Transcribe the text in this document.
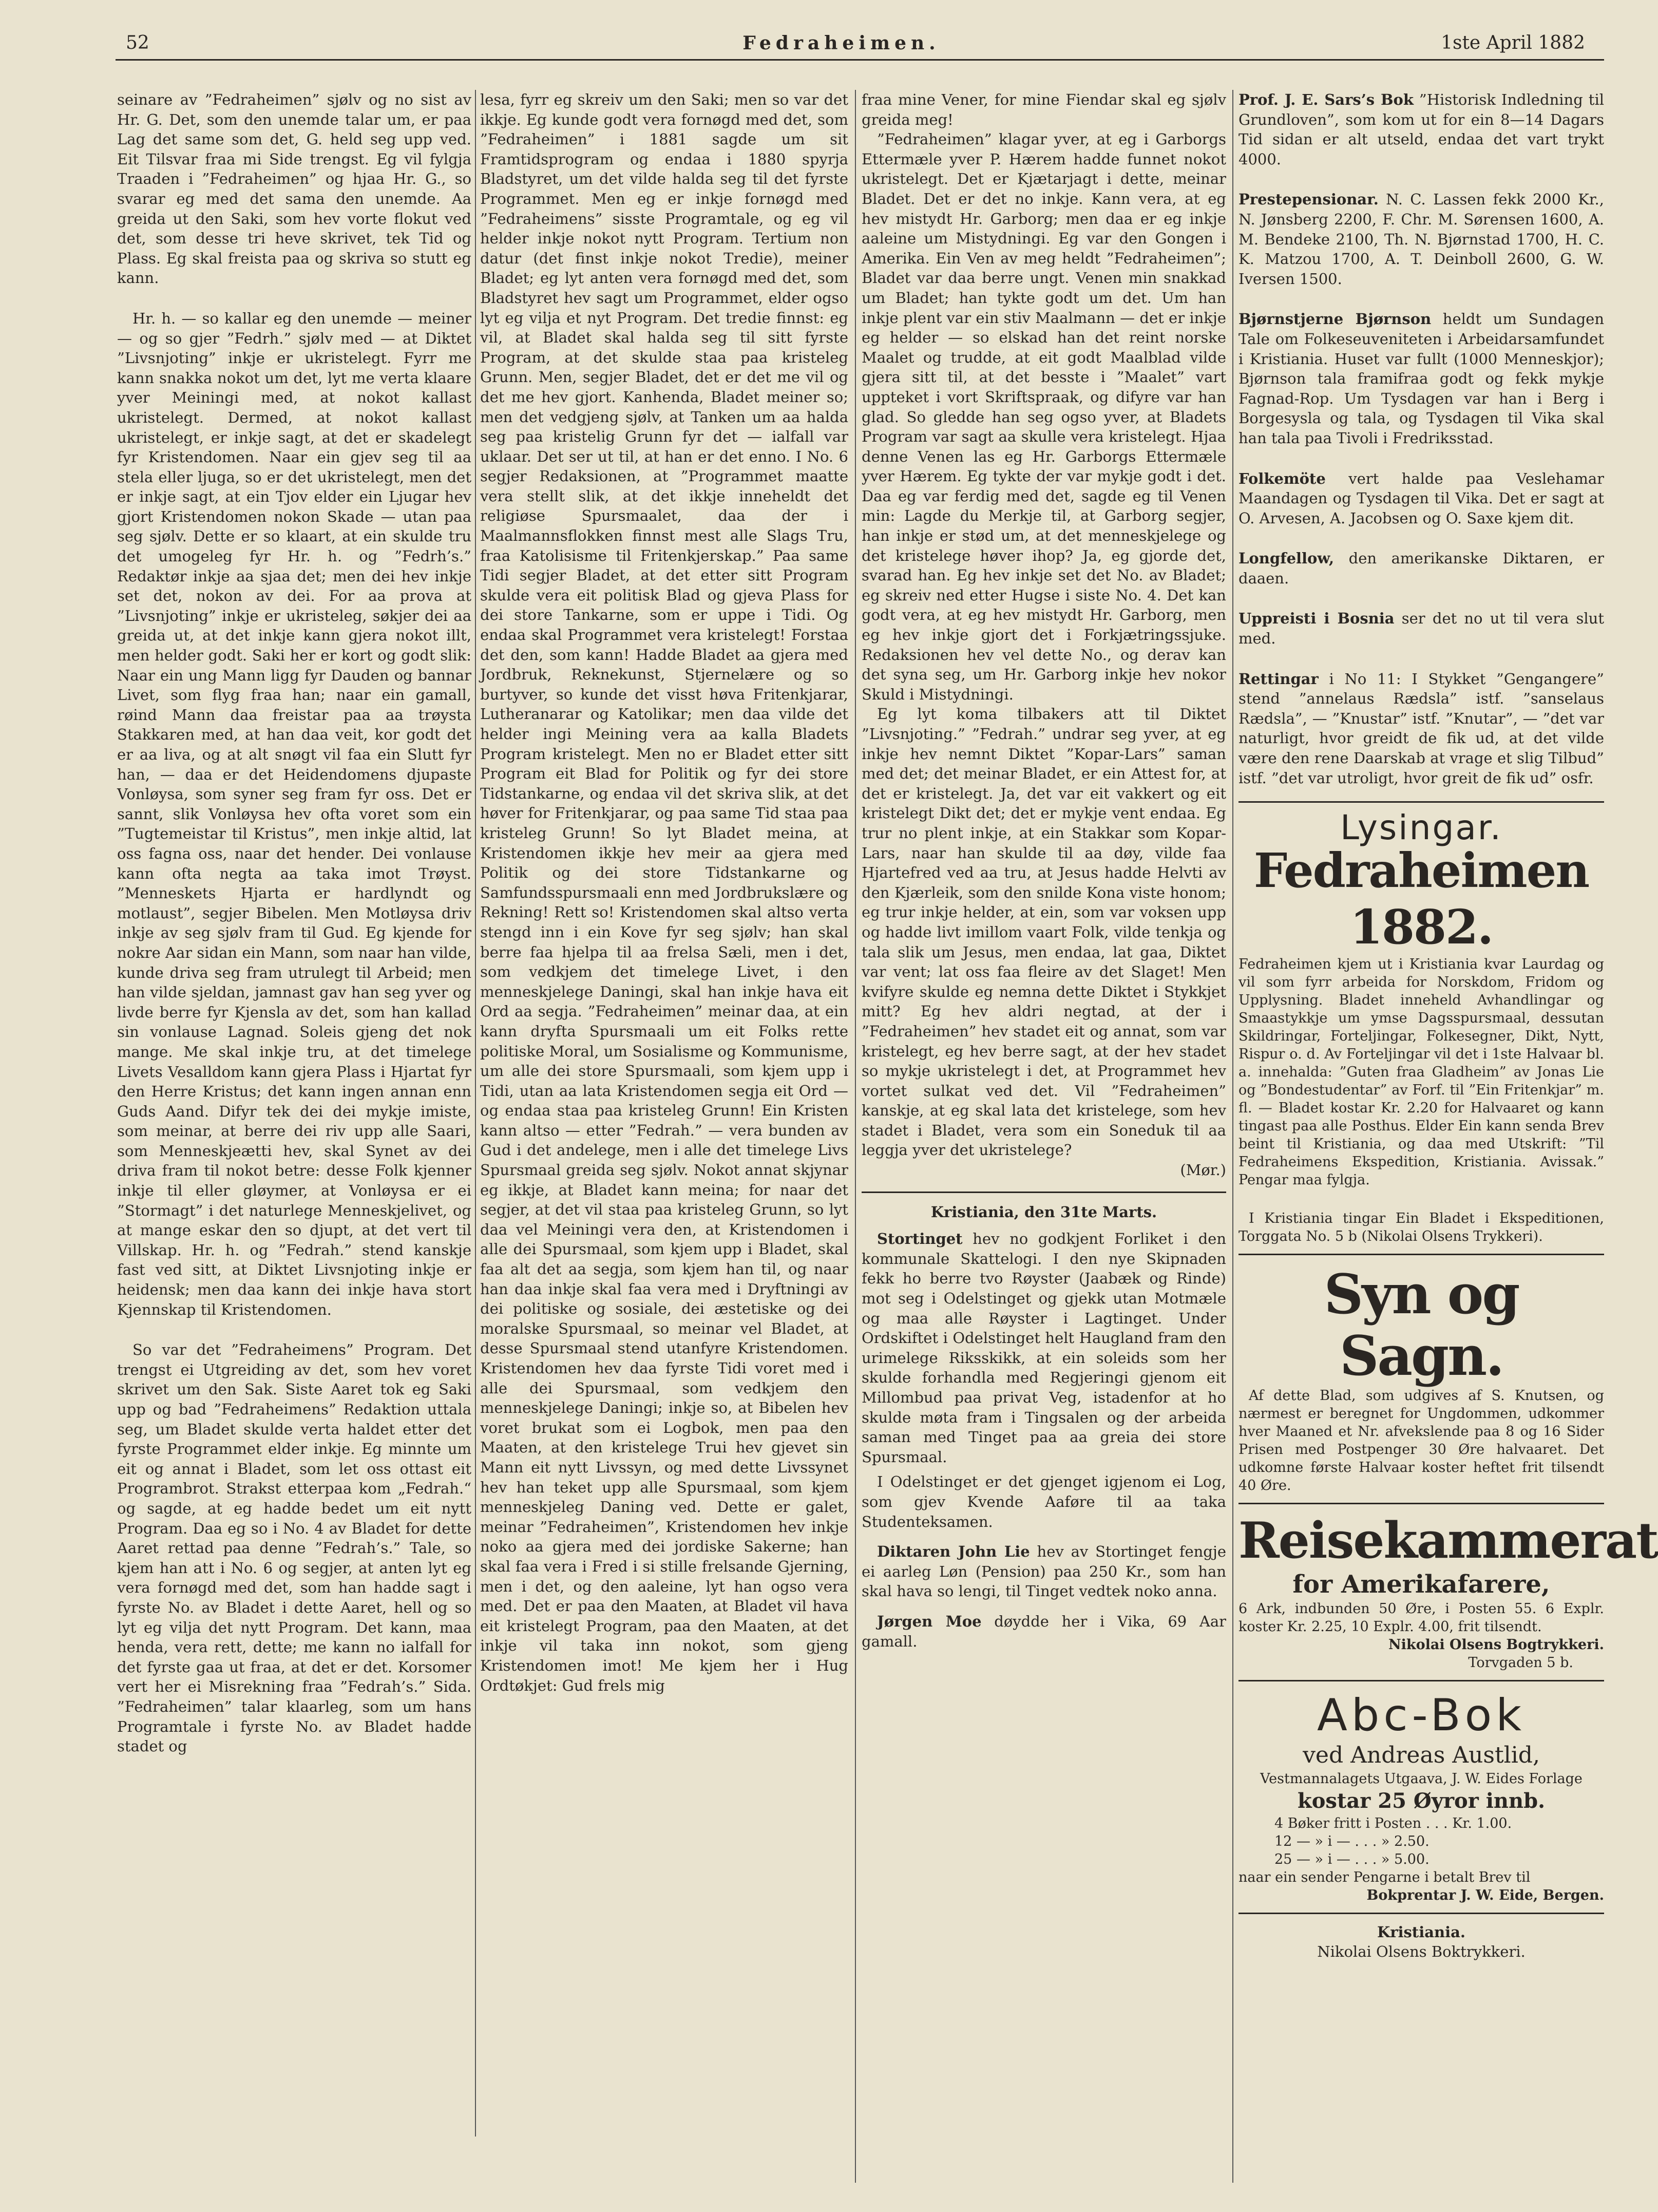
52	Fedraheimen.	1ste April 1882

seinare av ”Fedraheimen” sjølv og no sist av Hr. G. Det, som den unemde talar um, er paa Lag det same som det, G. held seg upp ved. Eit Tilsvar fraa mi Side trengst. Eg vil fylgja Traaden i ”Fedraheimen” og hjaa Hr. G., so svarar eg med det sama den unemde. Aa greida ut den Saki, som hev vorte flokut ved det, som desse tri heve skrivet, tek Tid og Plass. Eg skal freista paa og skriva so stutt eg kann.

Hr. h. — so kallar eg den unemde — meiner — og so gjer ”Fedrh.” sjølv med — at Diktet ”Livsnjoting” inkje er ukristelegt. Fyrr me kann snakka nokot um det, lyt me verta klaare yver Meiningi med, at nokot kallast ukristelegt. Dermed, at nokot kallast ukristelegt, er inkje sagt, at det er skadelegt fyr Kristendomen. Naar ein gjev seg til aa stela eller ljuga, so er det ukristelegt, men det er inkje sagt, at ein Tjov elder ein Ljugar hev gjort Kristendomen nokon Skade — utan paa seg sjølv. Dette er so klaart, at ein skulde tru det umogeleg fyr Hr. h. og ”Fedrh’s.” Redaktør inkje aa sjaa det; men dei hev inkje set det, nokon av dei. For aa prova at ”Livsnjoting” inkje er ukristeleg, søkjer dei aa greida ut, at det inkje kann gjera nokot illt, men helder godt. Saki her er kort og godt slik: Naar ein ung Mann ligg fyr Dauden og bannar Livet, som flyg fraa han; naar ein gamall, røind Mann daa freistar paa aa trøysta Stakkaren med, at han daa veit, kor godt det er aa liva, og at alt snøgt vil faa ein Slutt fyr han, — daa er det Heidendomens djupaste Vonløysa, som syner seg fram fyr oss. Det er sannt, slik Vonløysa hev ofta voret som ein ”Tugtemeistar til Kristus”, men inkje altid, lat oss fagna oss, naar det hender. Dei vonlause kann ofta negta aa taka imot Trøyst. ”Menneskets Hjarta er hardlyndt og motlaust”, segjer Bibelen. Men Motløysa driv inkje av seg sjølv fram til Gud. Eg kjende for nokre Aar sidan ein Mann, som naar han vilde, kunde driva seg fram utrulegt til Arbeid; men han vilde sjeldan, jamnast gav han seg yver og livde berre fyr Kjensla av det, som han kallad sin vonlause Lagnad. Soleis gjeng det nok mange. Me skal inkje tru, at det timelege Livets Vesalldom kann gjera Plass i Hjartat fyr den Herre Kristus; det kann ingen annan enn Guds Aand. Difyr tek dei dei mykje imiste, som meinar, at berre dei riv upp alle Saari, som Menneskjeætti hev, skal Synet av dei driva fram til nokot betre: desse Folk kjenner inkje til eller gløymer, at Vonløysa er ei ”Stormagt” i det naturlege Menneskjelivet, og at mange eskar den so djupt, at det vert til Villskap. Hr. h. og ”Fedrah.” stend kanskje fast ved sitt, at Diktet Livsnjoting inkje er heidensk; men daa kann dei inkje hava stort Kjennskap til Kristendomen.

So var det ”Fedraheimens” Program. Det trengst ei Utgreiding av det, som hev voret skrivet um den Sak. Siste Aaret tok eg Saki upp og bad ”Fedraheimens” Redaktion uttala seg, um Bladet skulde verta haldet etter det fyrste Programmet elder inkje. Eg minnte um eit og annat i Bladet, som let oss ottast eit Programbrot. Strakst etterpaa kom „Fedrah.“ og sagde, at eg hadde bedet um eit nytt Program. Daa eg so i No. 4 av Bladet for dette Aaret rettad paa denne ”Fedrah’s.” Tale, so kjem han att i No. 6 og segjer, at anten lyt eg vera fornøgd med det, som han hadde sagt i fyrste No. av Bladet i dette Aaret, hell og so lyt eg vilja det nytt Program. Det kann, maa henda, vera rett, dette; me kann no ialfall for det fyrste gaa ut fraa, at det er det. Korsomer vert her ei Misrekning fraa ”Fedrah’s.” Sida. ”Fedraheimen” talar klaarleg, som um hans Programtale i fyrste No. av Bladet hadde stadet og

lesa, fyrr eg skreiv um den Saki; men so var det ikkje. Eg kunde godt vera fornøgd med det, som ”Fedraheimen” i 1881 sagde um sit Framtidsprogram og endaa i 1880 spyrja Bladstyret, um det vilde halda seg til det fyrste Programmet. Men eg er inkje fornøgd med ”Fedraheimens” sisste Programtale, og eg vil helder inkje nokot nytt Program. Tertium non datur (det finst inkje nokot Tredie), meiner Bladet; eg lyt anten vera fornøgd med det, som Bladstyret hev sagt um Programmet, elder ogso lyt eg vilja et nyt Program. Det tredie finnst: eg vil, at Bladet skal halda seg til sitt fyrste Program, at det skulde staa paa kristeleg Grunn. Men, segjer Bladet, det er det me vil og det me hev gjort. Kanhenda, Bladet meiner so; men det vedgjeng sjølv, at Tanken um aa halda seg paa kristelig Grunn fyr det — ialfall var uklaar. Det ser ut til, at han er det enno. I No. 6 segjer Redaksionen, at ”Programmet maatte vera stellt slik, at det ikkje inneheldt det religiøse Spursmaalet, daa der i Maalmannsflokken finnst mest alle Slags Tru, fraa Katolisisme til Fritenkjerskap.” Paa same Tidi segjer Bladet, at det etter sitt Program skulde vera eit politisk Blad og gjeva Plass for dei store Tankarne, som er uppe i Tidi. Og endaa skal Programmet vera kristelegt! Forstaa det den, som kann! Hadde Bladet aa gjera med Jordbruk, Reknekunst, Stjernelære og so burtyver, so kunde det visst høva Fritenkjarar, Lutheranarar og Katolikar; men daa vilde det helder ingi Meining vera aa kalla Bladets Program kristelegt. Men no er Bladet etter sitt Program eit Blad for Politik og fyr dei store Tidstankarne, og endaa vil det skriva slik, at det høver for Fritenkjarar, og paa same Tid staa paa kristeleg Grunn! So lyt Bladet meina, at Kristendomen ikkje hev meir aa gjera med Politik og dei store Tidstankarne og Samfundsspursmaali enn med Jordbrukslære og Rekning! Rett so! Kristendomen skal altso verta stengd inn i ein Kove fyr seg sjølv; han skal berre faa hjelpa til aa frelsa Sæli, men i det, som vedkjem det timelege Livet, i den menneskjelege Daningi, skal han inkje hava eit Ord aa segja. ”Fedraheimen” meinar daa, at ein kann dryfta Spursmaali um eit Folks rette politiske Moral, um Sosialisme og Kommunisme, um alle dei store Spursmaali, som kjem upp i Tidi, utan aa lata Kristendomen segja eit Ord — og endaa staa paa kristeleg Grunn! Ein Kristen kann altso — etter ”Fedrah.” — vera bunden av Gud i det andelege, men i alle det timelege Livs Spursmaal greida seg sjølv. Nokot annat skjynar eg ikkje, at Bladet kann meina; for naar det segjer, at det vil staa paa kristeleg Grunn, so lyt daa vel Meiningi vera den, at Kristendomen i alle dei Spursmaal, som kjem upp i Bladet, skal faa alt det aa segja, som kjem han til, og naar han daa inkje skal faa vera med i Dryftningi av dei politiske og sosiale, dei æstetiske og dei moralske Spursmaal, so meinar vel Bladet, at desse Spursmaal stend utanfyre Kristendomen. Kristendomen hev daa fyrste Tidi voret med i alle dei Spursmaal, som vedkjem den menneskjelege Daningi; inkje so, at Bibelen hev voret brukat som ei Logbok, men paa den Maaten, at den kristelege Trui hev gjevet sin Mann eit nytt Livssyn, og med dette Livssynet hev han teket upp alle Spursmaal, som kjem menneskjeleg Daning ved. Dette er galet, meinar ”Fedraheimen”, Kristendomen hev inkje noko aa gjera med dei jordiske Sakerne; han skal faa vera i Fred i si stille frelsande Gjerning, men i det, og den aaleine, lyt han ogso vera med. Det er paa den Maaten, at Bladet vil hava eit kristelegt Program, paa den Maaten, at det inkje vil taka inn nokot, som gjeng Kristendomen imot! Me kjem her i Hug Ordtøkjet: Gud frels mig

fraa mine Vener, for mine Fiendar skal eg sjølv greida meg!

”Fedraheimen” klagar yver, at eg i Garborgs Ettermæle yver P. Hærem hadde funnet nokot ukristelegt. Det er Kjætarjagt i dette, meinar Bladet. Det er det no inkje. Kann vera, at eg hev mistydt Hr. Garborg; men daa er eg inkje aaleine um Mistydningi. Eg var den Gongen i Amerika. Ein Ven av meg heldt ”Fedraheimen”; Bladet var daa berre ungt. Venen min snakkad um Bladet; han tykte godt um det. Um han inkje plent var ein stiv Maalmann — det er inkje eg helder — so elskad han det reint norske Maalet og trudde, at eit godt Maalblad vilde gjera sitt til, at det besste i ”Maalet” vart uppteket i vort Skriftspraak, og difyre var han glad. So gledde han seg ogso yver, at Bladets Program var sagt aa skulle vera kristelegt. Hjaa denne Venen las eg Hr. Garborgs Ettermæle yver Hærem. Eg tykte der var mykje godt i det. Daa eg var ferdig med det, sagde eg til Venen min: Lagde du Merkje til, at Garborg segjer, han inkje er stød um, at det menneskjelege og det kristelege høver ihop? Ja, eg gjorde det, svarad han. Eg hev inkje set det No. av Bladet; eg skreiv ned etter Hugse i siste No. 4. Det kan godt vera, at eg hev mistydt Hr. Garborg, men eg hev inkje gjort det i Forkjætringssjuke. Redaksionen hev vel dette No., og derav kan det syna seg, um Hr. Garborg inkje hev nokor Skuld i Mistydningi.

Eg lyt koma tilbakers att til Diktet ”Livsnjoting.” ”Fedrah.” undrar seg yver, at eg inkje hev nemnt Diktet ”Kopar-Lars” saman med det; det meinar Bladet, er ein Attest for, at det er kristelegt. Ja, det var eit vakkert og eit kristelegt Dikt det; det er mykje vent endaa. Eg trur no plent inkje, at ein Stakkar som Kopar-Lars, naar han skulde til aa døy, vilde faa Hjartefred ved aa tru, at Jesus hadde Helvti av den Kjærleik, som den snilde Kona viste honom; eg trur inkje helder, at ein, som var voksen upp og hadde livt imillom vaart Folk, vilde tenkja og tala slik um Jesus, men endaa, lat gaa, Diktet var vent; lat oss faa fleire av det Slaget! Men kvifyre skulde eg nemna dette Diktet i Stykkjet mitt? Eg hev aldri negtad, at der i ”Fedraheimen” hev stadet eit og annat, som var kristelegt, eg hev berre sagt, at der hev stadet so mykje ukristelegt i det, at Programmet hev vortet sulkat ved det. Vil ”Fedraheimen” kanskje, at eg skal lata det kristelege, som hev stadet i Bladet, vera som ein Soneduk til aa leggja yver det ukristelege?

(Mør.)
Kristiania, den 31te Marts.

Stortinget hev no godkjent Forliket i den kommunale Skattelogi. I den nye Skipnaden fekk ho berre tvo Røyster (Jaabæk og Rinde) mot seg i Odelstinget og gjekk utan Motmæle og maa alle Røyster i Lagtinget. Under Ordskiftet i Odelstinget helt Haugland fram den urimelege Riksskikk, at ein soleids som her skulde forhandla med Regjeringi gjenom eit Millombud paa privat Veg, istadenfor at ho skulde møta fram i Tingsalen og der arbeida saman med Tinget paa aa greia dei store Spursmaal.

I Odelstinget er det gjenget igjenom ei Log, som gjev Kvende Aaføre til aa taka Studenteksamen.

Diktaren John Lie hev av Stortinget fengje ei aarleg Løn (Pension) paa 250 Kr., som han skal hava so lengi, til Tinget vedtek noko anna.

Jørgen Moe døydde her i Vika, 69 Aar gamall.

Prof. J. E. Sars’s Bok ”Historisk Indledning til Grundloven”, som kom ut for ein 8—14 Dagars Tid sidan er alt utseld, endaa det vart trykt 4000.

Prestepensionar. N. C. Lassen fekk 2000 Kr., N. Jønsberg 2200, F. Chr. M. Sørensen 1600, A. M. Bendeke 2100, Th. N. Bjørnstad 1700, H. C. K. Matzou 1700, A. T. Deinboll 2600, G. W. Iversen 1500.

Bjørnstjerne Bjørnson heldt um Sundagen Tale om Folkeseuveniteten i Arbeidarsamfundet i Kristiania. Huset var fullt (1000 Menneskjor); Bjørnson tala framifraa godt og fekk mykje Fagnad-Rop. Um Tysdagen var han i Berg i Borgesysla og tala, og Tysdagen til Vika skal han tala paa Tivoli i Fredriksstad.

Folkemöte vert halde paa Veslehamar Maandagen og Tysdagen til Vika. Det er sagt at O. Arvesen, A. Jacobsen og O. Saxe kjem dit.

Longfellow, den amerikanske Diktaren, er daaen.

Uppreisti i Bosnia ser det no ut til vera slut med.

Rettingar i No 11: I Stykket ”Gengangere” stend ”annelaus Rædsla” istf. ”sanselaus Rædsla”, — ”Knustar” istf. ”Knutar”, — ”det var naturligt, hvor greidt de fik ud, at det vilde være den rene Daarskab at vrage et slig Tilbud” istf. ”det var utroligt, hvor greit de fik ud” osfr.

Lysingar.
Fedraheimen 1882.

Fedraheimen kjem ut i Kristiania kvar Laurdag og vil som fyrr arbeida for Norskdom, Fridom og Upplysning. Bladet inneheld Avhandlingar og Smaastykkje um ymse Dagsspursmaal, dessutan Skildringar, Forteljingar, Folkesegner, Dikt, Nytt, Rispur o. d. Av Forteljingar vil det i 1ste Halvaar bl. a. innehalda: ”Guten fraa Gladheim” av Jonas Lie og ”Bondestudentar” av Forf. til ”Ein Fritenkjar” m. fl. — Bladet kostar Kr. 2.20 for Halvaaret og kann tingast paa alle Posthus. Elder Ein kann senda Brev beint til Kristiania, og daa med Utskrift: ”Til Fedraheimens Ekspedition, Kristiania. Avissak.” Pengar maa fylgja.

I Kristiania tingar Ein Bladet i Ekspeditionen, Torggata No. 5 b (Nikolai Olsens Trykkeri).

Syn og Sagn.

Af dette Blad, som udgives af S. Knutsen, og nærmest er beregnet for Ungdommen, udkommer hver Maaned et Nr. afvekslende paa 8 og 16 Sider Prisen med Postpenger 30 Øre halvaaret. Det udkomne første Halvaar koster heftet frit tilsendt 40 Øre.

Reisekammerat
for Amerikafarere,

6 Ark, indbunden 50 Øre, i Posten 55. 6 Explr. koster Kr. 2.25, 10 Explr. 4.00, frit tilsendt.

Nikolai Olsens Bogtrykkeri.
Torvgaden 5 b.
Abc-Bok
ved Andreas Austlid,
Vestmannalagets Utgaava, J. W. Eides Forlage
kostar 25 Øyror innb.
4 Bøker fritt i Posten . . . Kr. 1.00.
12 — » i — . . . » 2.50.
25 — » i — . . . » 5.00.
naar ein sender Pengarne i betalt Brev til
Bokprentar J. W. Eide, Bergen.
Kristiania.
Nikolai Olsens Boktrykkeri.
